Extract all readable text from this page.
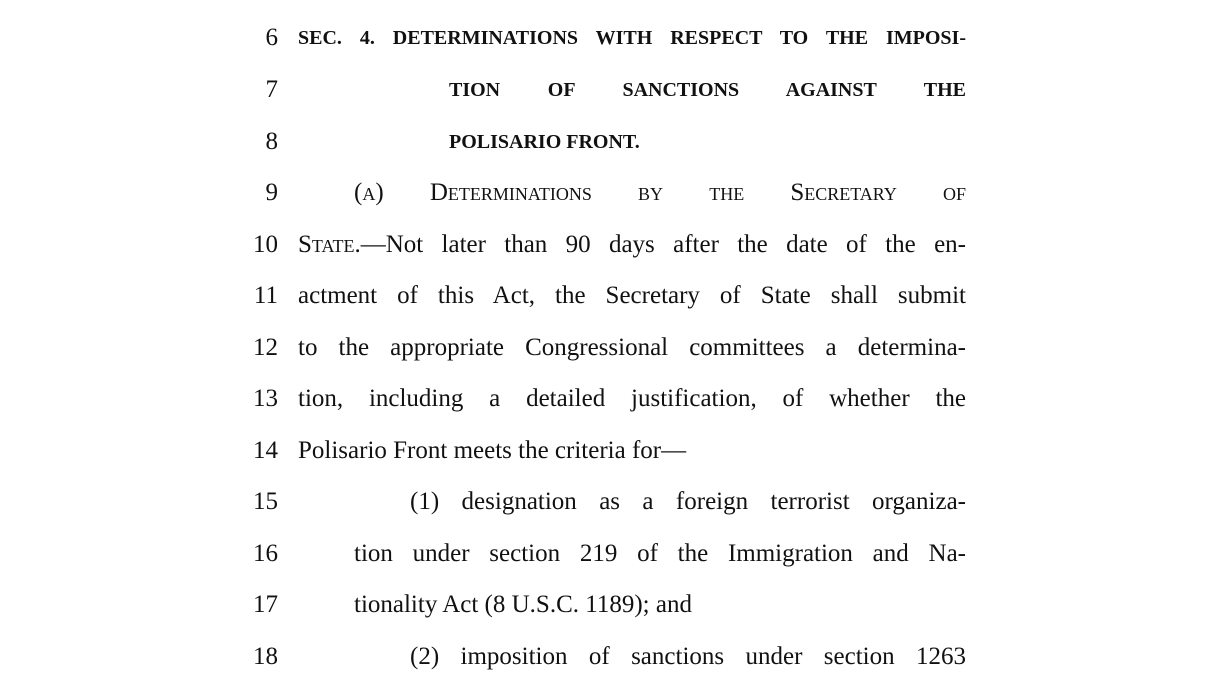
6 SEC. 4. DETERMINATIONS WITH RESPECT TO THE IMPOSI-
7	TION OF SANCTIONS AGAINST THE
8	POLISARIO FRONT.
9	(a) Determinations by the Secretary of
10 State.—Not later than 90 days after the date of the en-
11 actment of this Act, the Secretary of State shall submit
12 to the appropriate Congressional committees a determina-
13 tion, including a detailed justification, of whether the
14 Polisario Front meets the criteria for—
15	(1) designation as a foreign terrorist organiza-
16	tion under section 219 of the Immigration and Na-
17	tionality Act (8 U.S.C. 1189); and
18	(2) imposition of sanctions under section 1263
